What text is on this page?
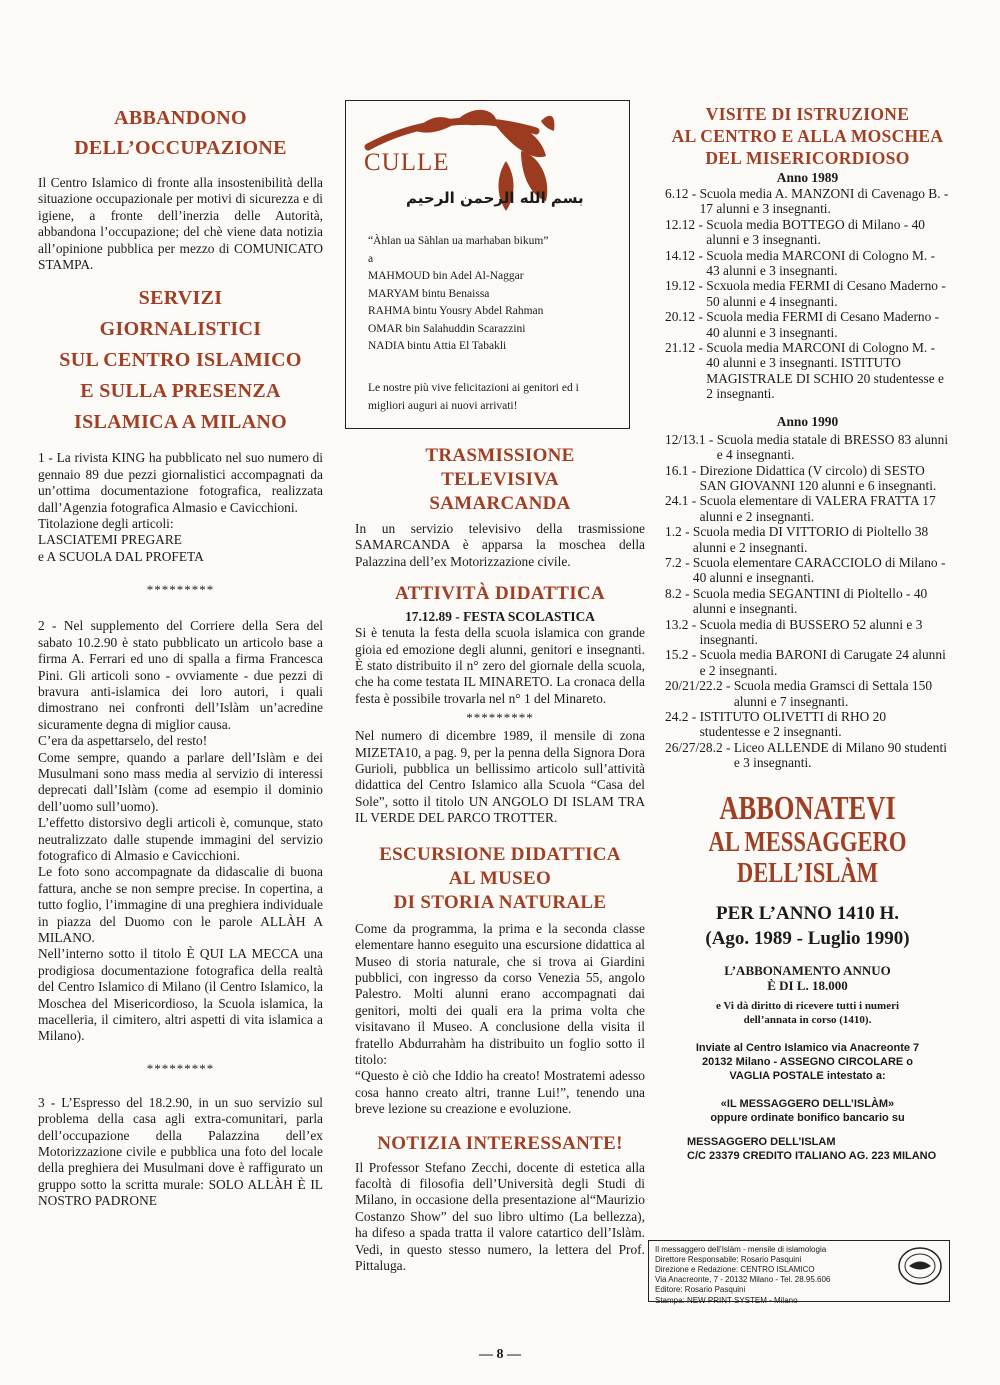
ABBANDONO
DELL’OCCUPAZIONE

Il Centro Islamico di fronte alla insostenibilità della situazione occupazionale per motivi di sicurezza e di igiene, a fronte dell’inerzia delle Autorità, abbandona l’occupazione; del chè viene data notizia all’opinione pubblica per mezzo di COMUNICATO STAMPA.

SERVIZI
GIORNALISTICI
SUL CENTRO ISLAMICO
E SULLA PRESENZA
ISLAMICA A MILANO

1 - La rivista KING ha pubblicato nel suo numero di gennaio 89 due pezzi giornalistici accompagnati da un’ottima documentazione fotografica, realizzata dall’Agenzia fotografica Almasio e Cavicchioni.

Titolazione degli articoli:
LASCIATEMI PREGARE
e A SCUOLA DAL PROFETA

*********

2 - Nel supplemento del Corriere della Sera del sabato 10.2.90 è stato pubblicato un articolo base a firma A. Ferrari ed uno di spalla a firma Francesca Pini. Gli articoli sono - ovviamente - due pezzi di bravura anti-islamica dei loro autori, i quali dimostrano nei confronti dell’Islàm un’acredine sicuramente degna di miglior causa.

C’era da aspettarselo, del resto!

Come sempre, quando a parlare dell’Islàm e dei Musulmani sono mass media al servizio di interessi deprecati dall’Islàm (come ad esempio il dominio dell’uomo sull’uomo).

L’effetto distorsivo degli articoli è, comunque, stato neutralizzato dalle stupende immagini del servizio fotografico di Almasio e Cavicchioni.

Le foto sono accompagnate da didascalie di buona fattura, anche se non sempre precise. In copertina, a tutto foglio, l’immagine di una preghiera individuale in piazza del Duomo con le parole ALLÀH A MILANO.

Nell’interno sotto il titolo È QUI LA MECCA una prodigiosa documentazione fotografica della realtà del Centro Islamico di Milano (il Centro Islamico, la Moschea del Misericordioso, la Scuola islamica, la macelleria, il cimitero, altri aspetti di vita islamica a Milano).

*********

3 - L’Espresso del 18.2.90, in un suo servizio sul problema della casa agli extra-comunitari, parla dell’occupazione della Palazzina dell’ex Motorizzazione civile e pubblica una foto del locale della preghiera dei Musulmani dove è raffigurato un gruppo sotto la scritta murale: SOLO ALLÀH È IL NOSTRO PADRONE

CULLE
بسم الله الرحمن الرحيم
“Àhlan ua Sàhlan ua marhaban bikum”
a
MAHMOUD bin Adel Al-Naggar
MARYAM bintu Benaissa
RAHMA bintu Yousry Abdel Rahman
OMAR bin Salahuddin Scarazzini
NADIA bintu Attia El Tabakli
Le nostre più vive felicitazioni ai genitori ed i migliori auguri ai nuovi arrivati!
TRASMISSIONE
TELEVISIVA
SAMARCANDA

In un servizio televisivo della trasmissione SAMARCANDA è apparsa la moschea della Palazzina dell’ex Motorizzazione civile.

ATTIVITÀ DIDATTICA
17.12.89 - FESTA SCOLASTICA

Si è tenuta la festa della scuola islamica con grande gioia ed emozione degli alunni, genitori e insegnanti. È stato distribuito il n° zero del giornale della scuola, che ha come testata IL MINARETO. La cronaca della festa è possibile trovarla nel n° 1 del Minareto.

*********

Nel numero di dicembre 1989, il mensile di zona MIZETA10, a pag. 9, per la penna della Signora Dora Gurioli, pubblica un bellissimo articolo sull’attività didattica del Centro Islamico alla Scuola “Casa del Sole”, sotto il titolo UN ANGOLO DI ISLAM TRA IL VERDE DEL PARCO TROTTER.

ESCURSIONE DIDATTICA
AL MUSEO
DI STORIA NATURALE

Come da programma, la prima e la seconda classe elementare hanno eseguito una escursione didattica al Museo di storia naturale, che si trova ai Giardini pubblici, con ingresso da corso Venezia 55, angolo Palestro. Molti alunni erano accompagnati dai genitori, molti dei quali era la prima volta che visitavano il Museo. A conclusione della visita il fratello Abdurrahàm ha distribuito un foglio sotto il titolo:

“Questo è ciò che Iddio ha creato! Mostratemi adesso cosa hanno creato altri, tranne Lui!”, tenendo una breve lezione su creazione e evoluzione.

NOTIZIA INTERESSANTE!

Il Professor Stefano Zecchi, docente di estetica alla facoltà di filosofia dell’Università degli Studi di Milano, in occasione della presentazione al“Maurizio Costanzo Show” del suo libro ultimo (La bellezza), ha difeso a spada tratta il valore catartico dell’Islàm. Vedi, in questo stesso numero, la lettera del Prof. Pittaluga.

— 8 —
VISITE DI ISTRUZIONE
AL CENTRO E ALLA MOSCHEA
DEL MISERICORDIOSO
Anno 1989
6.12 - Scuola media A. MANZONI di Cavenago B. - 17 alunni e 3 insegnanti.
12.12 - Scuola media BOTTEGO di Milano - 40 alunni e 3 insegnanti.
14.12 - Scuola media MARCONI di Cologno M. - 43 alunni e 3 insegnanti.
19.12 - Scxuola media FERMI di Cesano Maderno - 50 alunni e 4 insegnanti.
20.12 - Scuola media FERMI di Cesano Maderno - 40 alunni e 3 insegnanti.
21.12 - Scuola media MARCONI di Cologno M. - 40 alunni e 3 insegnanti. ISTITUTO MAGISTRALE DI SCHIO 20 studentesse e 2 insegnanti.
Anno 1990
12/13.1 - Scuola media statale di BRESSO 83 alunni e 4 insegnanti.
16.1 - Direzione Didattica (V circolo) di SESTO SAN GIOVANNI 120 alunni e 6 insegnanti.
24.1 - Scuola elementare di VALERA FRATTA 17 alunni e 2 insegnanti.
1.2 - Scuola media DI VITTORIO di Pioltello 38 alunni e 2 insegnanti.
7.2 - Scuola elementare CARACCIOLO di Milano - 40 alunni e insegnanti.
8.2 - Scuola media SEGANTINI di Pioltello - 40 alunni e insegnanti.
13.2 - Scuola media di BUSSERO 52 alunni e 3 insegnanti.
15.2 - Scuola media BARONI di Carugate 24 alunni e 2 insegnanti.
20/21/22.2 - Scuola media Gramsci di Settala 150 alunni e 7 insegnanti.
24.2 - ISTITUTO OLIVETTI di RHO 20 studentesse e 2 insegnanti.
26/27/28.2 - Liceo ALLENDE di Milano 90 studenti e 3 insegnanti.
ABBONATEVI
AL MESSAGGERO
DELL’ISLÀM
PER L’ANNO 1410 H.
(Ago. 1989 - Luglio 1990)
L’ABBONAMENTO ANNUO
È DI L. 18.000
e Vi dà diritto di ricevere tutti i numeri dell’annata in corso (1410).
Inviate al Centro Islamico via Anacreonte 7 20132 Milano - ASSEGNO CIRCOLARE o VAGLIA POSTALE intestato a:
«IL MESSAGGERO DELL’ISLÀM» oppure ordinate bonifico bancario su
MESSAGGERO DELL’ISLAM
C/C 23379 CREDITO ITALIANO AG. 223 MILANO
Il messaggero dell’Islàm - mensile di islamologia
Direttore Responsabile: Rosario Pasquini
Direzione e Redazione: CENTRO ISLAMICO
Via Anacreonte, 7 - 20132 Milano - Tel. 28.95.606
Editore: Rosario Pasquini
Stampa: NEW PRINT SYSTEM - Milano
